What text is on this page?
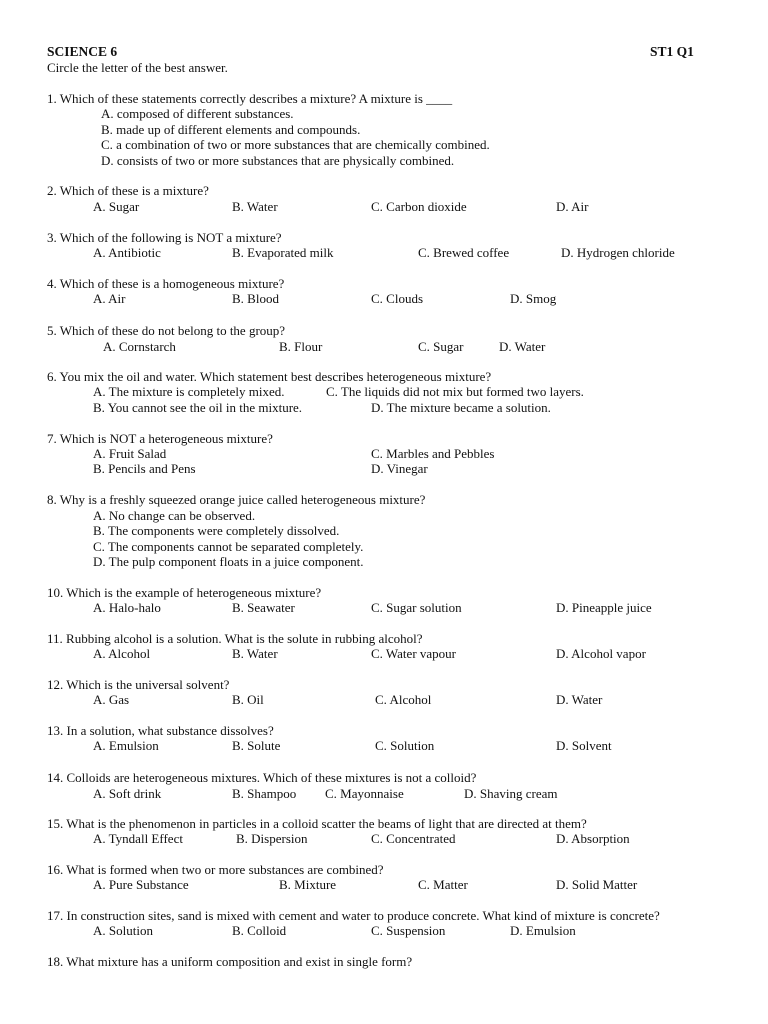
SCIENCE 6	ST1 Q1
Circle the letter of the best answer.
1. Which of these statements correctly describes a mixture? A mixture is ____
A. composed of different substances.
B. made up of different elements and compounds.
C. a combination of two or more substances that are chemically combined.
D. consists of two or more substances that are physically combined.
2. Which of these is a mixture?
A. Sugar	B. Water	C. Carbon dioxide	D. Air
3. Which of the following is NOT a mixture?
A. Antibiotic	B. Evaporated milk	C. Brewed coffee	D. Hydrogen chloride
4. Which of these is a homogeneous mixture?
A. Air	B. Blood	C. Clouds	D. Smog
5. Which of these do not belong to the group?
A. Cornstarch	B. Flour	C. Sugar	D. Water
6. You mix the oil and water. Which statement best describes heterogeneous mixture?
A. The mixture is completely mixed.	C. The liquids did not mix but formed two layers.
B. You cannot see the oil in the mixture.	D. The mixture became a solution.
7. Which is NOT a heterogeneous mixture?
A. Fruit Salad	C. Marbles and Pebbles
B. Pencils and Pens	D. Vinegar
8. Why is a freshly squeezed orange juice called heterogeneous mixture?
A. No change can be observed.
B. The components were completely dissolved.
C. The components cannot be separated completely.
D. The pulp component floats in a juice component.
10. Which is the example of heterogeneous mixture?
A. Halo-halo	B. Seawater	C. Sugar solution	D. Pineapple juice
11. Rubbing alcohol is a solution. What is the solute in rubbing alcohol?
A. Alcohol	B. Water	C. Water vapour	D. Alcohol vapor
12. Which is the universal solvent?
A. Gas	B. Oil	C. Alcohol	D. Water
13. In a solution, what substance dissolves?
A. Emulsion	B. Solute	C. Solution	D. Solvent
14. Colloids are heterogeneous mixtures. Which of these mixtures is not a colloid?
A. Soft drink	B. Shampoo C. Mayonnaise	D. Shaving cream
15. What is the phenomenon in particles in a colloid scatter the beams of light that are directed at them?
A. Tyndall Effect	B. Dispersion	C. Concentrated	D. Absorption
16. What is formed when two or more substances are combined?
A. Pure Substance	B. Mixture	C. Matter	D. Solid Matter
17. In construction sites, sand is mixed with cement and water to produce concrete. What kind of mixture is concrete?
A. Solution	B. Colloid	C. Suspension	D. Emulsion
18. What mixture has a uniform composition and exist in single form?
